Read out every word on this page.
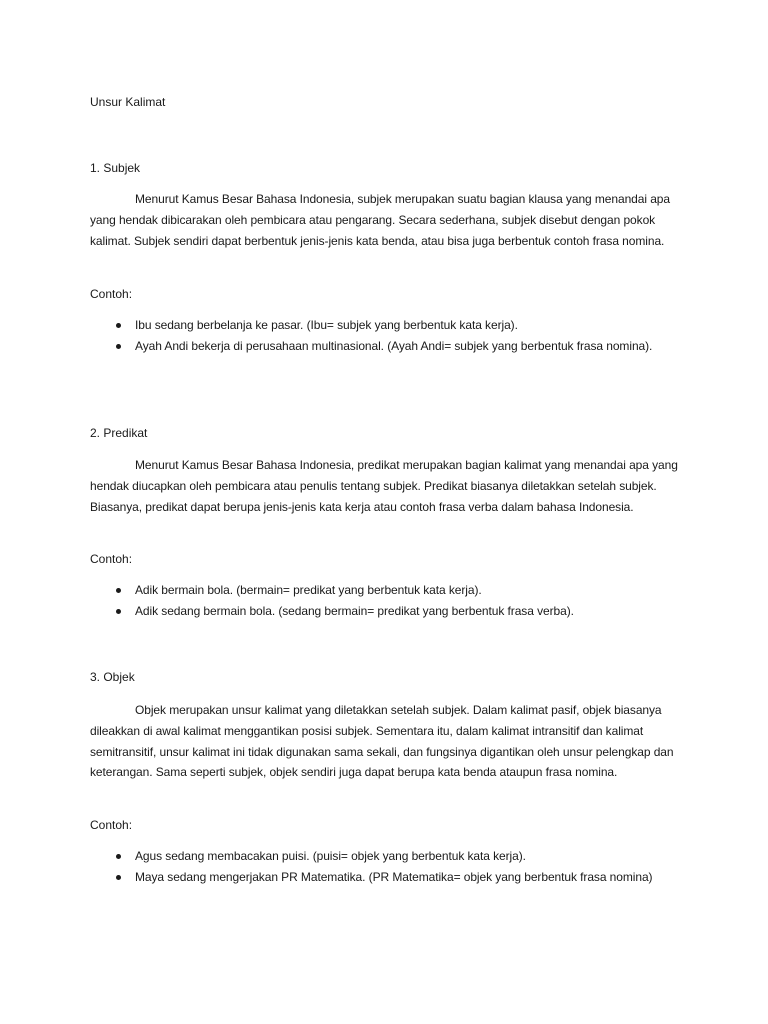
Unsur Kalimat
1. Subjek

Menurut Kamus Besar Bahasa Indonesia, subjek merupakan suatu bagian klausa yang menandai apa yang hendak dibicarakan oleh pembicara atau pengarang. Secara sederhana, subjek disebut dengan pokok kalimat. Subjek sendiri dapat berbentuk jenis-jenis kata benda, atau bisa juga berbentuk contoh frasa nomina.

Contoh:
Ibu sedang berbelanja ke pasar. (Ibu= subjek yang berbentuk kata kerja).
Ayah Andi bekerja di perusahaan multinasional. (Ayah Andi= subjek yang berbentuk frasa nomina).
2. Predikat

Menurut Kamus Besar Bahasa Indonesia, predikat merupakan bagian kalimat yang menandai apa yang hendak diucapkan oleh pembicara atau penulis tentang subjek. Predikat biasanya diletakkan setelah subjek. Biasanya, predikat dapat berupa jenis-jenis kata kerja atau contoh frasa verba dalam bahasa Indonesia.

Contoh:
Adik bermain bola. (bermain= predikat yang berbentuk kata kerja).
Adik sedang bermain bola. (sedang bermain= predikat yang berbentuk frasa verba).
3. Objek

Objek merupakan unsur kalimat yang diletakkan setelah subjek. Dalam kalimat pasif, objek biasanya dileakkan di awal kalimat menggantikan posisi subjek. Sementara itu, dalam kalimat intransitif dan kalimat semitransitif, unsur kalimat ini tidak digunakan sama sekali, dan fungsinya digantikan oleh unsur pelengkap dan keterangan. Sama seperti subjek, objek sendiri juga dapat berupa kata benda ataupun frasa nomina.

Contoh:
Agus sedang membacakan puisi. (puisi= objek yang berbentuk kata kerja).
Maya sedang mengerjakan PR Matematika. (PR Matematika= objek yang berbentuk frasa nomina)
